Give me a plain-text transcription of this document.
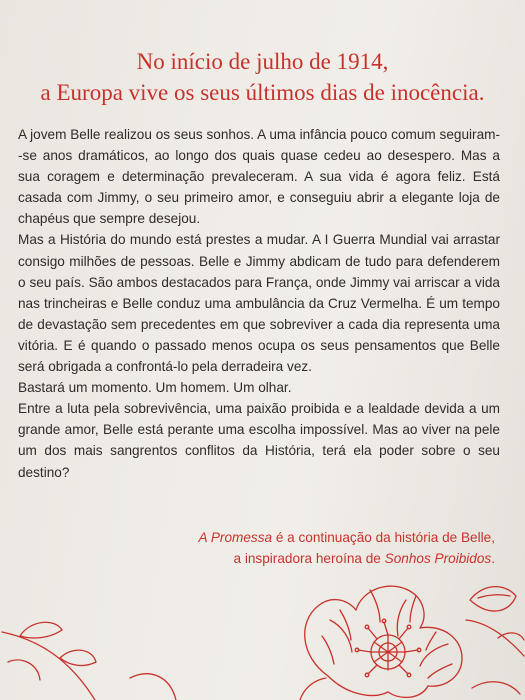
No início de julho de 1914,
a Europa vive os seus últimos dias de inocência.

A jovem Belle realizou os seus sonhos. A uma infância pouco comum seguiram--se anos dramáticos, ao longo dos quais quase cedeu ao desespero. Mas a sua coragem e determinação prevaleceram. A sua vida é agora feliz. Está casada com Jimmy, o seu primeiro amor, e conseguiu abrir a elegante loja de chapéus que sempre desejou.

Mas a História do mundo está prestes a mudar. A I Guerra Mundial vai arrastar consigo milhões de pessoas. Belle e Jimmy abdicam de tudo para defenderem o seu país. São ambos destacados para França, onde Jimmy vai arriscar a vida nas trincheiras e Belle conduz uma ambulância da Cruz Vermelha. É um tempo de devastação sem precedentes em que sobreviver a cada dia representa uma vitória. E é quando o passado menos ocupa os seus pensamentos que Belle será obrigada a confrontá-lo pela derradeira vez.

Bastará um momento. Um homem. Um olhar.

Entre a luta pela sobrevivência, uma paixão proibida e a lealdade devida a um grande amor, Belle está perante uma escolha impossível. Mas ao viver na pele um dos mais sangrentos conflitos da História, terá ela poder sobre o seu destino?

A Promessa é a continuação da história de Belle,
a inspiradora heroína de Sonhos Proibidos.
